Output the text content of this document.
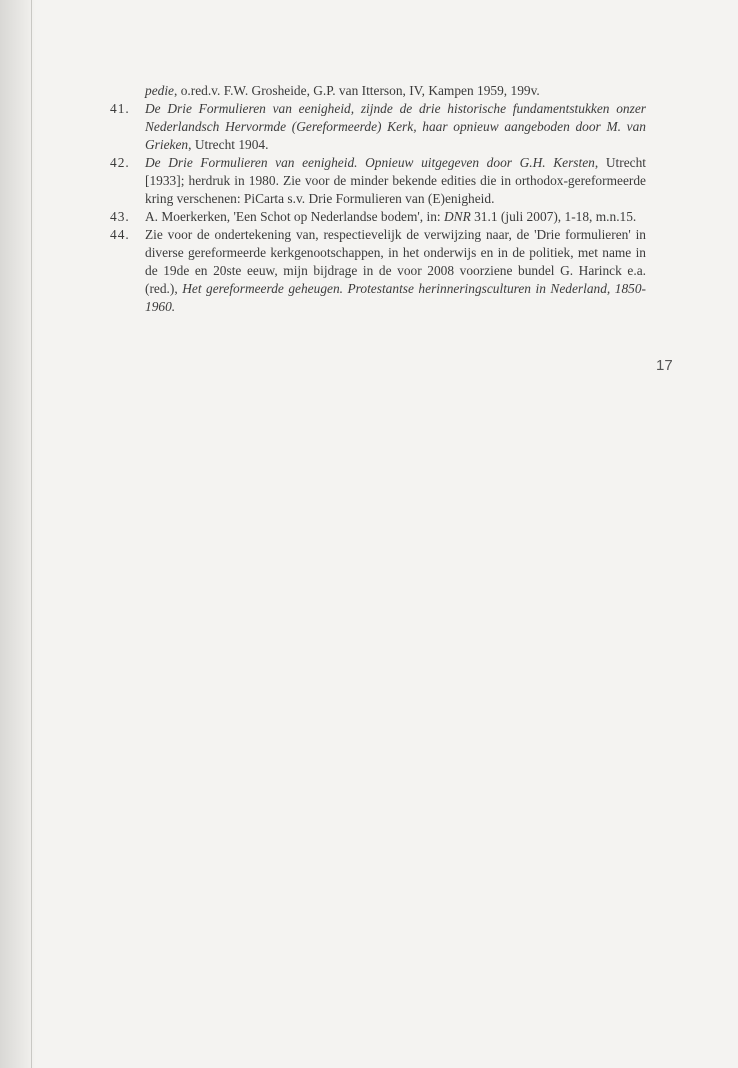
pedie, o.red.v. F.W. Grosheide, G.P. van Itterson, IV, Kampen 1959, 199v.
41. De Drie Formulieren van eenigheid, zijnde de drie historische fundamentstukken onzer Nederlandsch Hervormde (Gereformeerde) Kerk, haar opnieuw aangeboden door M. van Grieken, Utrecht 1904.
42. De Drie Formulieren van eenigheid. Opnieuw uitgegeven door G.H. Kersten, Utrecht [1933]; herdruk in 1980. Zie voor de minder bekende edities die in orthodox-gereformeerde kring verschenen: PiCarta s.v. Drie Formulieren van (E)enigheid.
43. A. Moerkerken, 'Een Schot op Nederlandse bodem', in: DNR 31.1 (juli 2007), 1-18, m.n.15.
44. Zie voor de ondertekening van, respectievelijk de verwijzing naar, de 'Drie formulieren' in diverse gereformeerde kerkgenootschappen, in het onderwijs en in de politiek, met name in de 19de en 20ste eeuw, mijn bijdrage in de voor 2008 voorziene bundel G. Harinck e.a. (red.), Het gereformeerde geheugen. Protestantse herinneringsculturen in Nederland, 1850-1960.
17
